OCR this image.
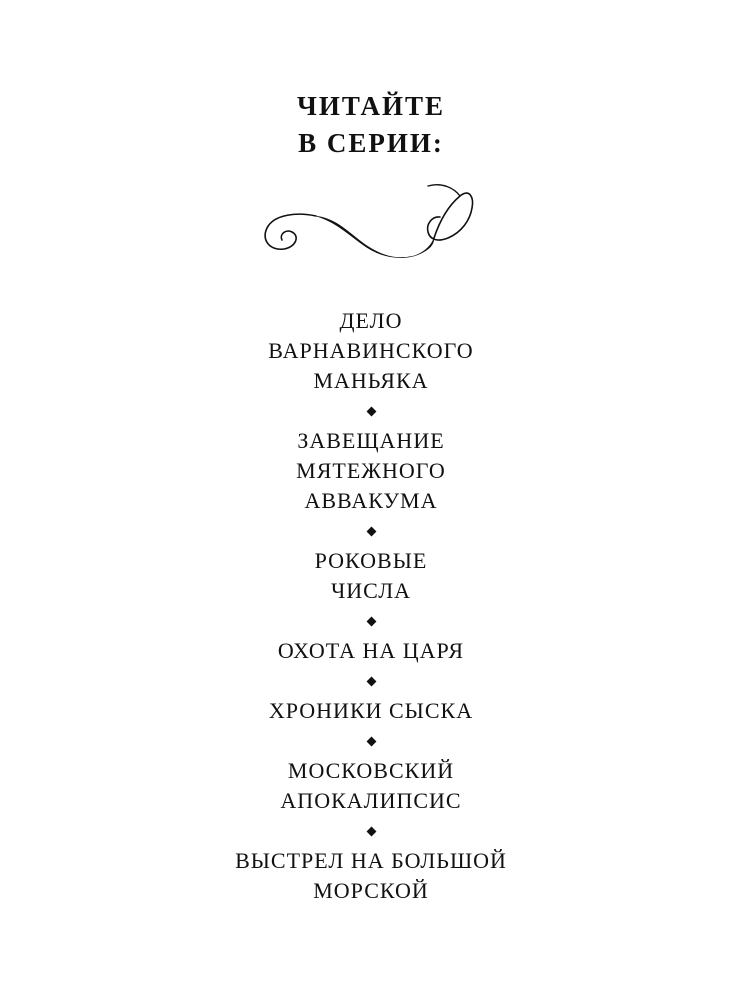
ЧИТАЙТЕ
В СЕРИИ:
ДЕЛО
ВАРНАВИНСКОГО
МАНЬЯКА
ЗАВЕЩАНИЕ
МЯТЕЖНОГО
АВВАКУМА
РОКОВЫЕ
ЧИСЛА
ОХОТА НА ЦАРЯ
ХРОНИКИ СЫСКА
МОСКОВСКИЙ
АПОКАЛИПСИС
ВЫСТРЕЛ НА БОЛЬШОЙ
МОРСКОЙ
